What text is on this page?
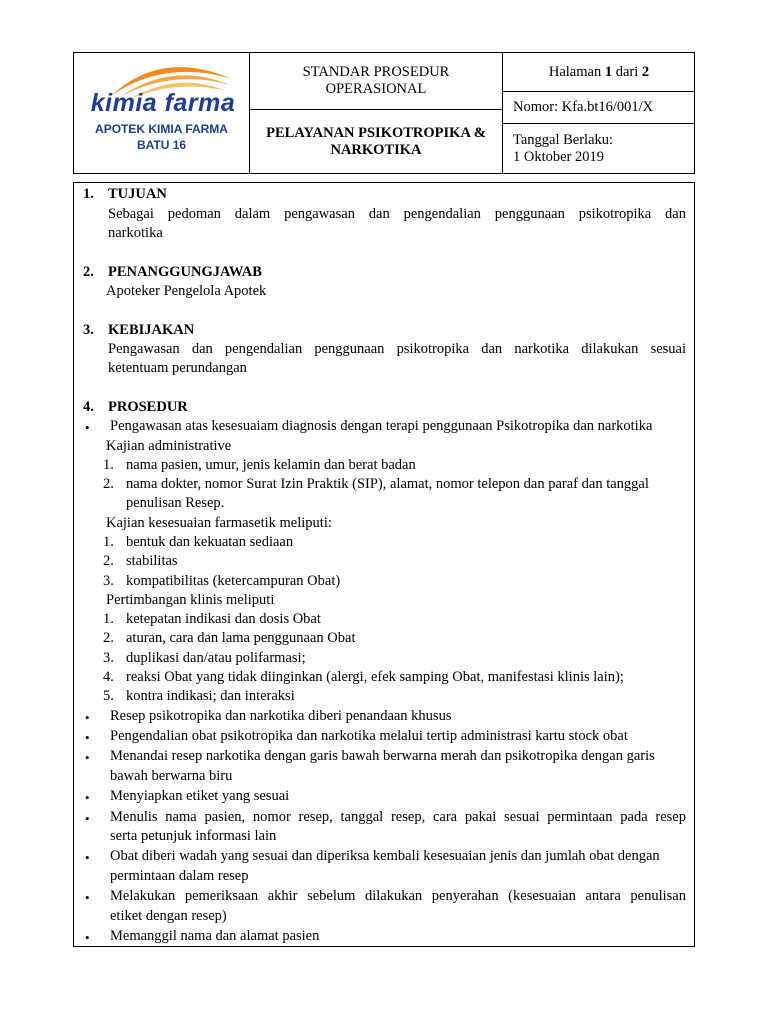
kimia farma
APOTEK KIMIA FARMA
BATU 16
STANDAR PROSEDUR
OPERASIONAL
PELAYANAN PSIKOTROPIKA &
NARKOTIKA
Halaman 1 dari 2
Nomor: Kfa.bt16/001/X
Tanggal Berlaku:
1 Oktober 2019
1. TUJUAN
Sebagai pedoman dalam pengawasan dan pengendalian penggunaan psikotropika dan
narkotika
2. PENANGGUNGJAWAB
Apoteker Pengelola Apotek
3. KEBIJAKAN
Pengawasan dan pengendalian penggunaan psikotropika dan narkotika dilakukan sesuai
ketentuam perundangan
4. PROSEDUR
• Pengawasan atas kesesuaiam diagnosis dengan terapi penggunaan Psikotropika dan narkotika
Kajian administrative
1. nama pasien, umur, jenis kelamin dan berat badan
2. nama dokter, nomor Surat Izin Praktik (SIP), alamat, nomor telepon dan paraf dan tanggal
penulisan Resep.
Kajian kesesuaian farmasetik meliputi:
1. bentuk dan kekuatan sediaan
2. stabilitas
3. kompatibilitas (ketercampuran Obat)
Pertimbangan klinis meliputi
1. ketepatan indikasi dan dosis Obat
2. aturan, cara dan lama penggunaan Obat
3. duplikasi dan/atau polifarmasi;
4. reaksi Obat yang tidak diinginkan (alergi, efek samping Obat, manifestasi klinis lain);
5. kontra indikasi; dan interaksi
• Resep psikotropika dan narkotika diberi penandaan khusus
• Pengendalian obat psikotropika dan narkotika melalui tertip administrasi kartu stock obat
• Menandai resep narkotika dengan garis bawah berwarna merah dan psikotropika dengan garis
bawah berwarna biru
• Menyiapkan etiket yang sesuai
• Menulis nama pasien, nomor resep, tanggal resep, cara pakai sesuai permintaan pada resep
serta petunjuk informasi lain
• Obat diberi wadah yang sesuai dan diperiksa kembali kesesuaian jenis dan jumlah obat dengan
permintaan dalam resep
• Melakukan pemeriksaan akhir sebelum dilakukan penyerahan (kesesuaian antara penulisan
etiket dengan resep)
• Memanggil nama dan alamat pasien
